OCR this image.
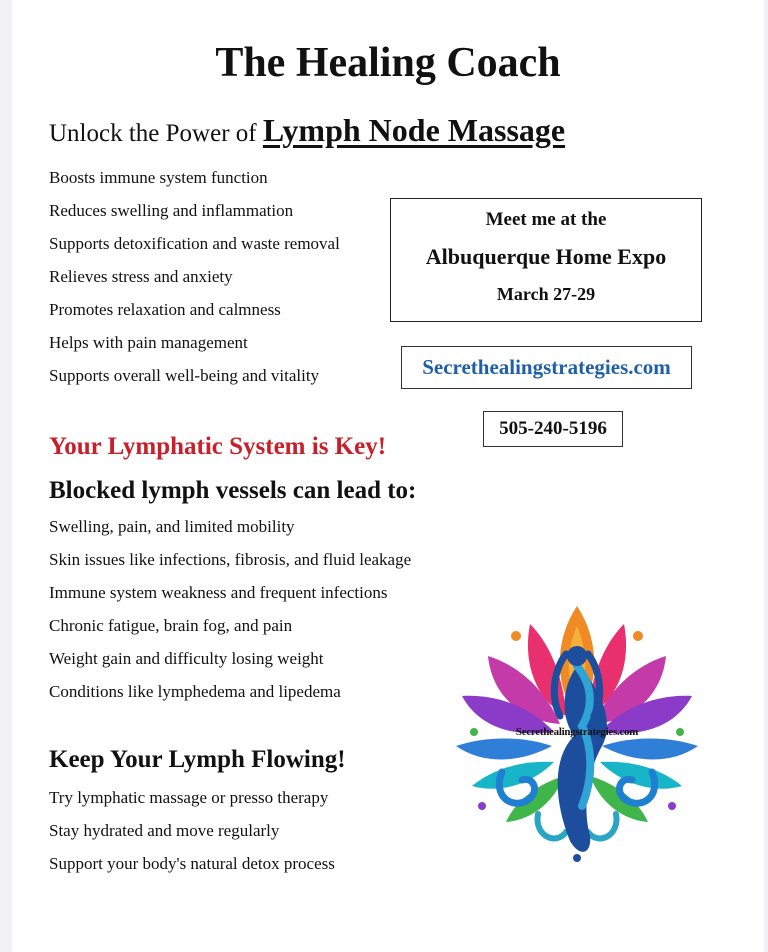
The Healing Coach
Unlock the Power of Lymph Node Massage
Boosts immune system function
Reduces swelling and inflammation
Supports detoxification and waste removal
Relieves stress and anxiety
Promotes relaxation and calmness
Helps with pain management
Supports overall well-being and vitality
Meet me at the
Albuquerque Home Expo
March 27-29
Secrethealingstrategies.com
505-240-5196
Your Lymphatic System is Key!
Blocked lymph vessels can lead to:
Swelling, pain, and limited mobility
Skin issues like infections, fibrosis, and fluid leakage
Immune system weakness and frequent infections
Chronic fatigue, brain fog, and pain
Weight gain and difficulty losing weight
Conditions like lymphedema and lipedema
Keep Your Lymph Flowing!
Try lymphatic massage or presso therapy
Stay hydrated and move regularly
Support your body's natural detox process
Secrethealingstrategies.com
